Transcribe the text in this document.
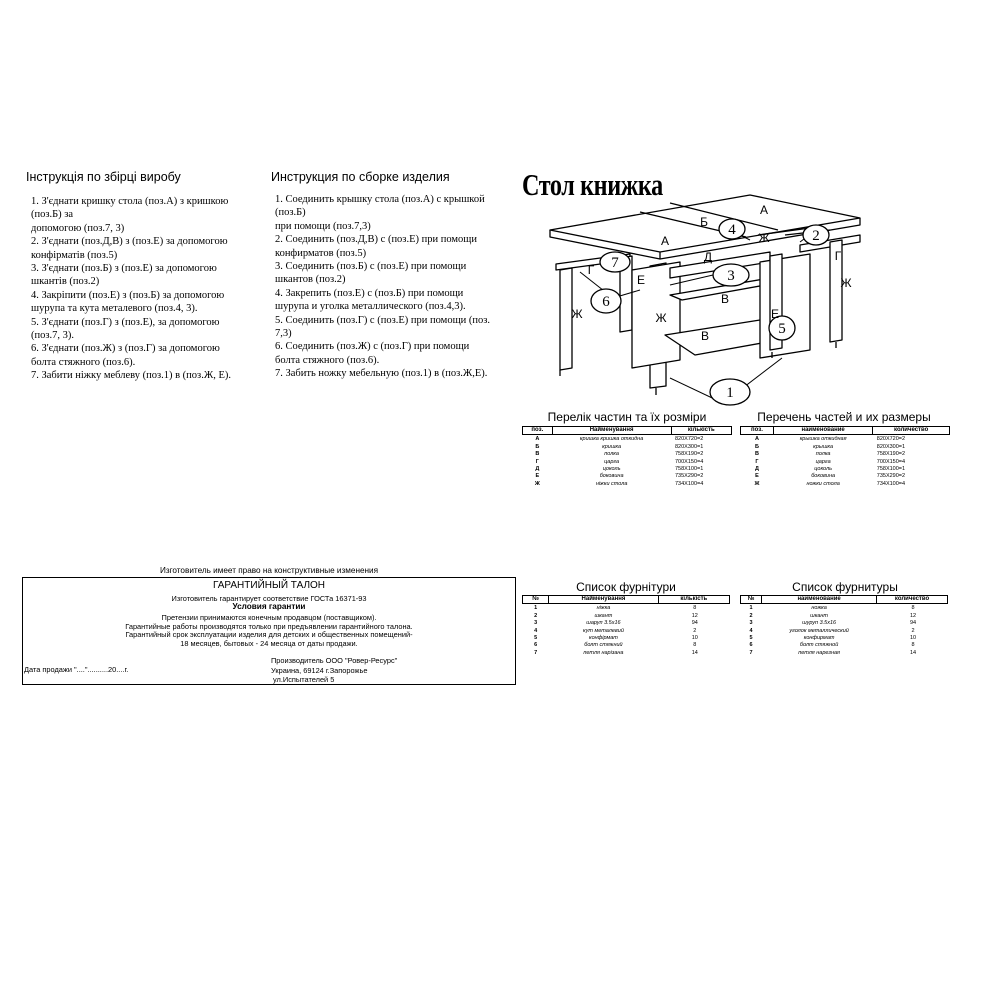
Інструкція по збірці виробу
1. З'єднати кришку стола (поз.А) з кришкою
(поз.Б) за
допомогою (поз.7, 3)
2. З'єднати (поз.Д,В) з (поз.Е) за допомогою
конфірматів (поз.5)
3. З'єднати (поз.Б) з (поз.Е) за допомогою
шкантів (поз.2)
4. Закріпити (поз.Е) з (поз.Б) за допомогою
шурупа та кута металевого (поз.4, 3).
5. З'єднати (поз.Г) з (поз.Е), за допомогою
(поз.7, 3).
6. З'єднати (поз.Ж) з (поз.Г) за допомогою
болта стяжного (поз.6).
7. Забити ніжку меблеву (поз.1) в (поз.Ж, Е).
Инструкция по сборке изделия
1. Соединить крышку стола (поз.А) с крышкой
(поз.Б)
при помощи (поз.7,3)
2. Соединить (поз.Д,В) с (поз.Е) при помощи
конфирматов (поз.5)
3. Соединить (поз.Б) с (поз.Е) при помощи
шкантов (поз.2)
4. Закрепить (поз.Е) с (поз.Б) при помощи
шурупа и уголка металлического (поз.4,3).
5. Соединить (поз.Г) с (поз.Е) при помощи (поз.
7,3)
6. Соединить (поз.Ж) с (поз.Г) при помощи
болта стяжного (поз.6).
7. Забить ножку мебельную (поз.1) в (поз.Ж,Е).
Стол книжка
1
2
3
4
5
6
7
А
А
Б
В
В
Г
Г
Д
Е
Е
Ж	Ж
Ж
Ж
Перелік частин та їх розміри
поз.	Найменування	кількість
А	кришка кришка откидна	820X720=2
Б	кришка	820X300=1
В	полка	758X190=2
Г	царга	700X150=4
Д	цоколь	758X100=1
Е	боковина	735X290=2
Ж	ніжки стола	734X100=4
Перечень частей и их размеры
поз.	наименование	количество
А	крышка откидная	820X720=2
Б	крышка	820X300=1
В	полка	758X190=2
Г	царга	700X150=4
Д	цоколь	758X100=1
Е	боковина	735X290=2
Ж	ножки стола	734X100=4
Изготовитель имеет право на конструктивные изменения
ГАРАНТИЙНЫЙ ТАЛОН
Изготовитель гарантирует соответствие ГОСТа 16371-93
Условия гарантии
Претензии принимаются конечным продавцом (поставщиком).
Гарантийные работы производятся только при предъявлении гарантийного талона.
Гарантийный срок эксплуатации изделия для детских и общественных помещений-
18 месяцев, бытовых - 24 месяца от даты продажи.
Производитель ООО "Ровер-Ресурс"
Дата продажи "...."..........20....г.	Украина, 69124 г.Запорожье
ул.Испытателей 5
Список фурнітури
№	Найменування	кількість
1	ніжка	8
2	шкант	12
3	шаруп 3.5x16	94
4	кут металевий	2
5	конфірмат	10
6	болт стяжний	8
7	петля нарізана	14
Список фурнитуры
№	наименование	количество
1	ножка	8
2	шкант	12
3	шуруп 3.5x16	94
4	уголок металлический	2
5	конфирмат	10
6	болт стяжной	8
7	петля нарезная	14
